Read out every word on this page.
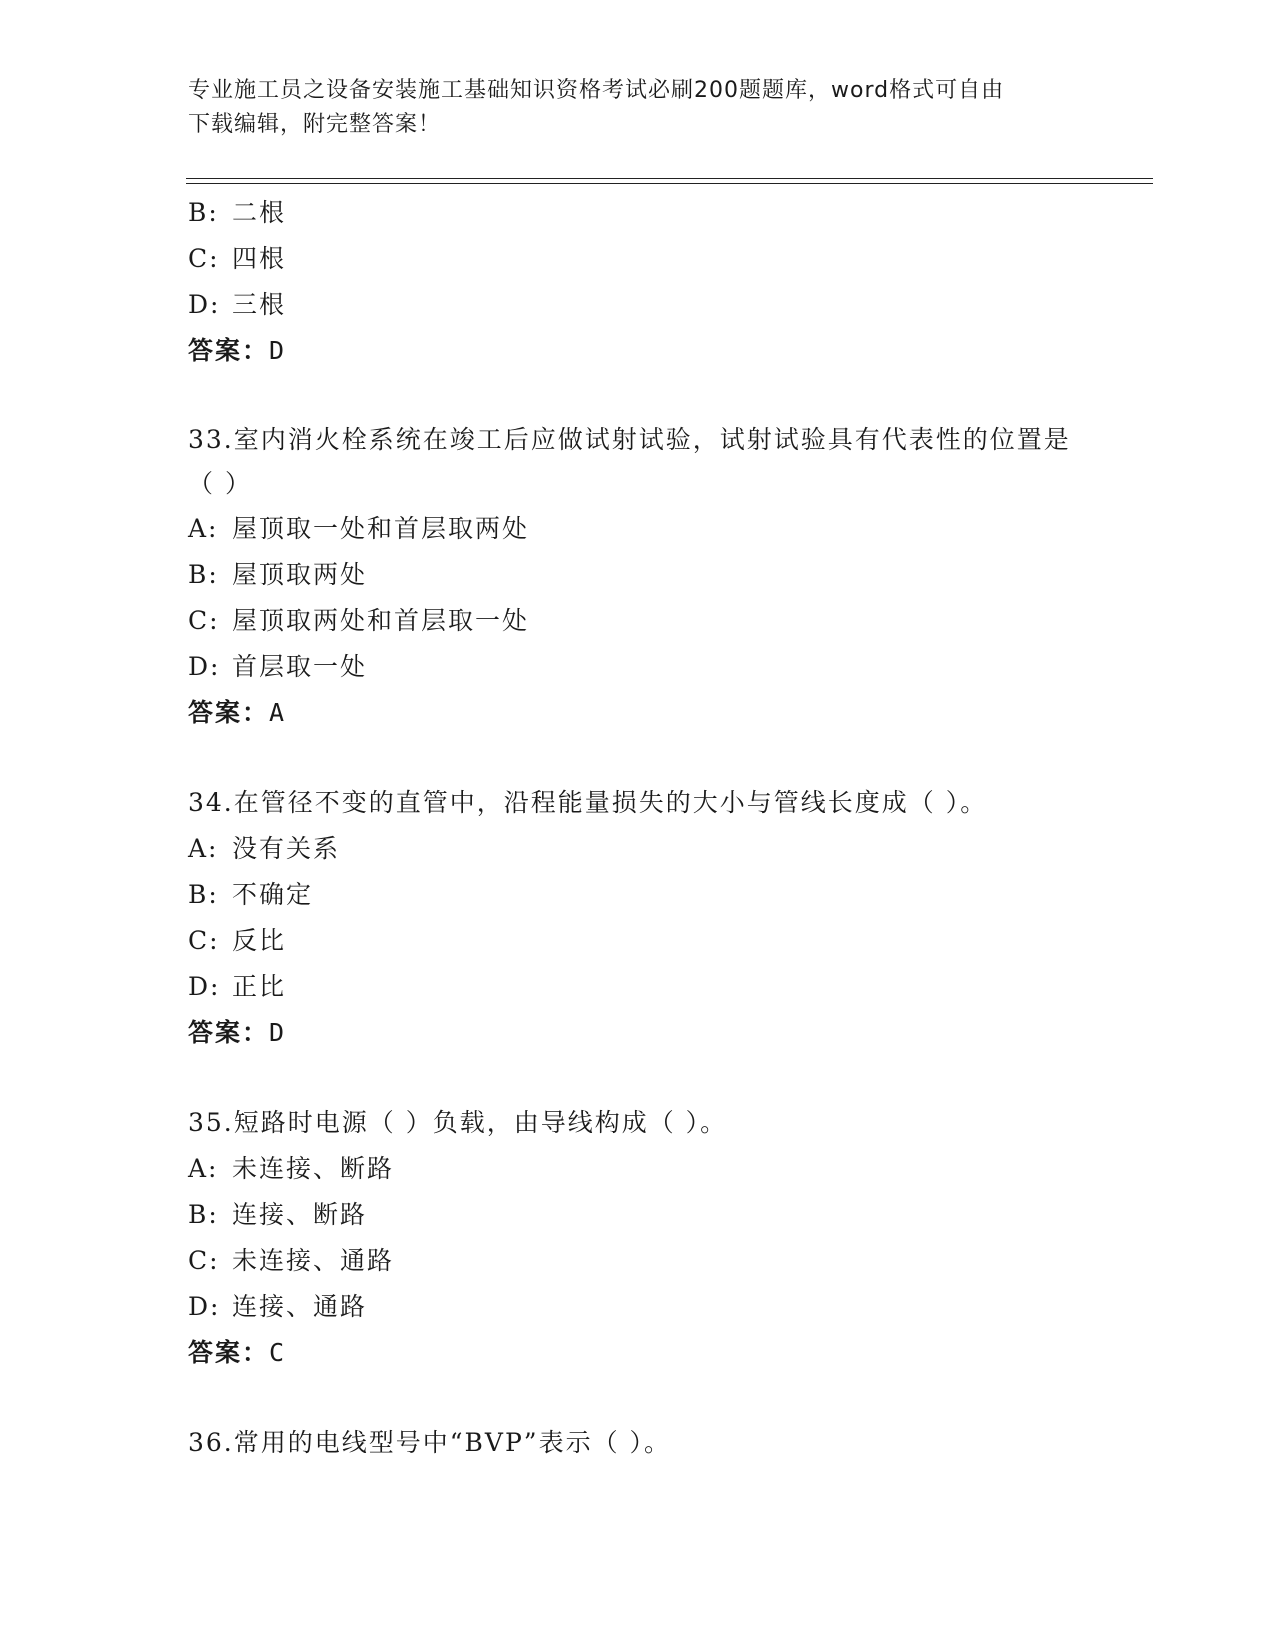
专业施工员之设备安装施工基础知识资格考试必刷200题题库，word格式可自由
下载编辑，附完整答案！
B: 二根
C: 四根
D: 三根
答案：D
33.室内消火栓系统在竣工后应做试射试验，试射试验具有代表性的位置是（ ）
A: 屋顶取一处和首层取两处
B: 屋顶取两处
C: 屋顶取两处和首层取一处
D: 首层取一处
答案：A
34.在管径不变的直管中，沿程能量损失的大小与管线长度成（ ）。
A: 没有关系
B: 不确定
C: 反比
D: 正比
答案：D
35.短路时电源（ ）负载，由导线构成（ ）。
A: 未连接、断路
B: 连接、断路
C: 未连接、通路
D: 连接、通路
答案：C
36.常用的电线型号中“BVP”表示（ ）。
